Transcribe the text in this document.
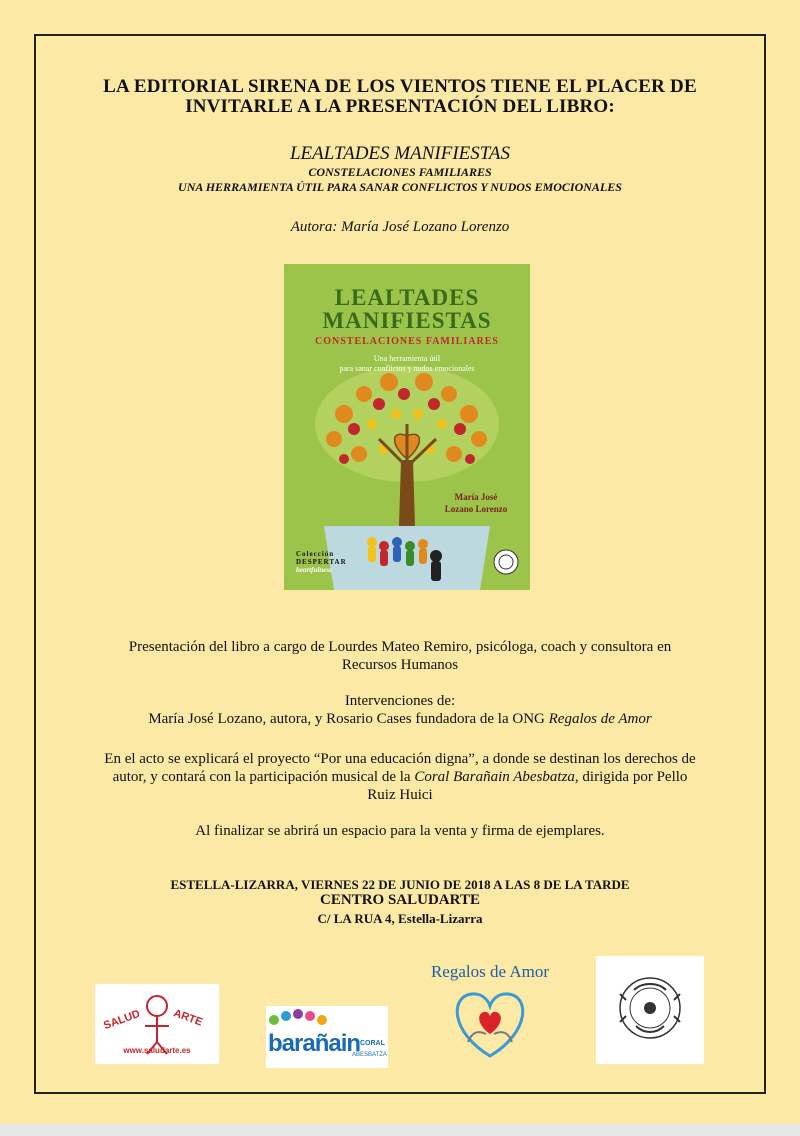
LA EDITORIAL SIRENA DE LOS VIENTOS TIENE EL PLACER DE
INVITARLE A LA PRESENTACIÓN DEL LIBRO:
LEALTADES MANIFIESTAS
CONSTELACIONES FAMILIARES
UNA HERRAMIENTA ÚTIL PARA SANAR CONFLICTOS Y NUDOS EMOCIONALES
Autora: María José Lozano Lorenzo
LEALTADES
MANIFIESTAS
CONSTELACIONES FAMILIARES
Una herramienta útil
para sanar conflictos y nudos emocionales
María José
Lozano Lorenzo
Colección
DESPERTAR
heartfulness
Presentación del libro a cargo de Lourdes Mateo Remiro, psicóloga, coach y consultora en
Recursos Humanos
Intervenciones de:
María José Lozano, autora, y Rosario Cases fundadora de la ONG Regalos de Amor
En el acto se explicará el proyecto “Por una educación digna”, a donde se destinan los derechos de
autor, y contará con la participación musical de la Coral Barañain Abesbatza, dirigida por Pello
Ruiz Huici
Al finalizar se abrirá un espacio para la venta y firma de ejemplares.
ESTELLA-LIZARRA, VIERNES 22 DE JUNIO DE 2018 A LAS 8 DE LA TARDE
CENTRO SALUDARTE
C/ LA RUA 4, Estella-Lizarra
SALUD	ARTE
www.saludarte.es	barañain CORAL
ABESBATZA
Regalos de Amor
